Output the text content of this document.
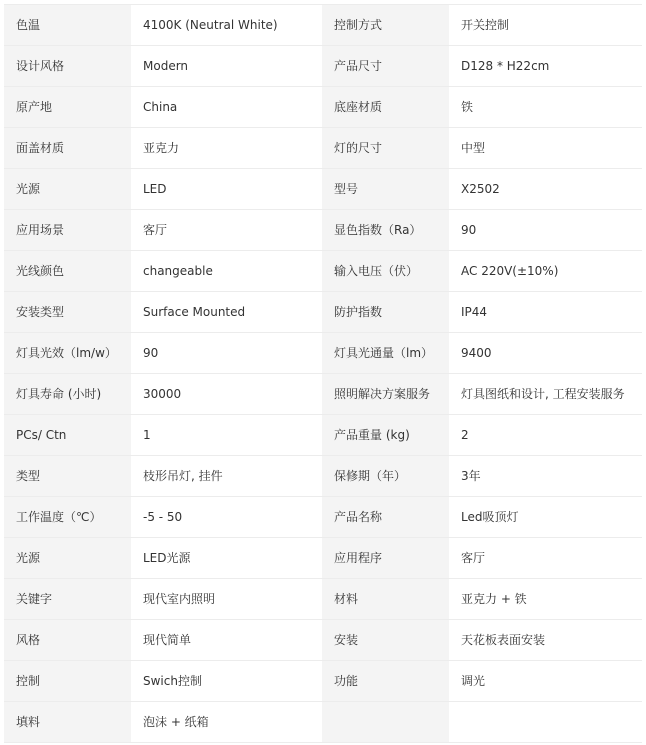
色温	4100K (Neutral White)	控制方式	开关控制
设计风格	Modern	产品尺寸	D128 * H22cm
原产地	China	底座材质	铁
面盖材质	亚克力	灯的尺寸	中型
光源	LED	型号	X2502
应用场景	客厅	显色指数（Ra）	90
光线颜色	changeable	输入电压（伏）	AC 220V(±10%)
安装类型	Surface Mounted	防护指数	IP44
灯具光效（lm/w）	90	灯具光通量（lm）	9400
灯具寿命 (小时)	30000	照明解决方案服务	灯具图纸和设计, 工程安装服务
PCs/ Ctn	1	产品重量 (kg)	2
类型	枝形吊灯, 挂件	保修期（年）	3年
工作温度（℃）	-5 - 50	产品名称	Led吸顶灯
光源	LED光源	应用程序	客厅
关键字	现代室内照明	材料	亚克力 + 铁
风格	现代简单	安装	天花板表面安装
控制	Swich控制	功能	调光
填料	泡沫 + 纸箱		
